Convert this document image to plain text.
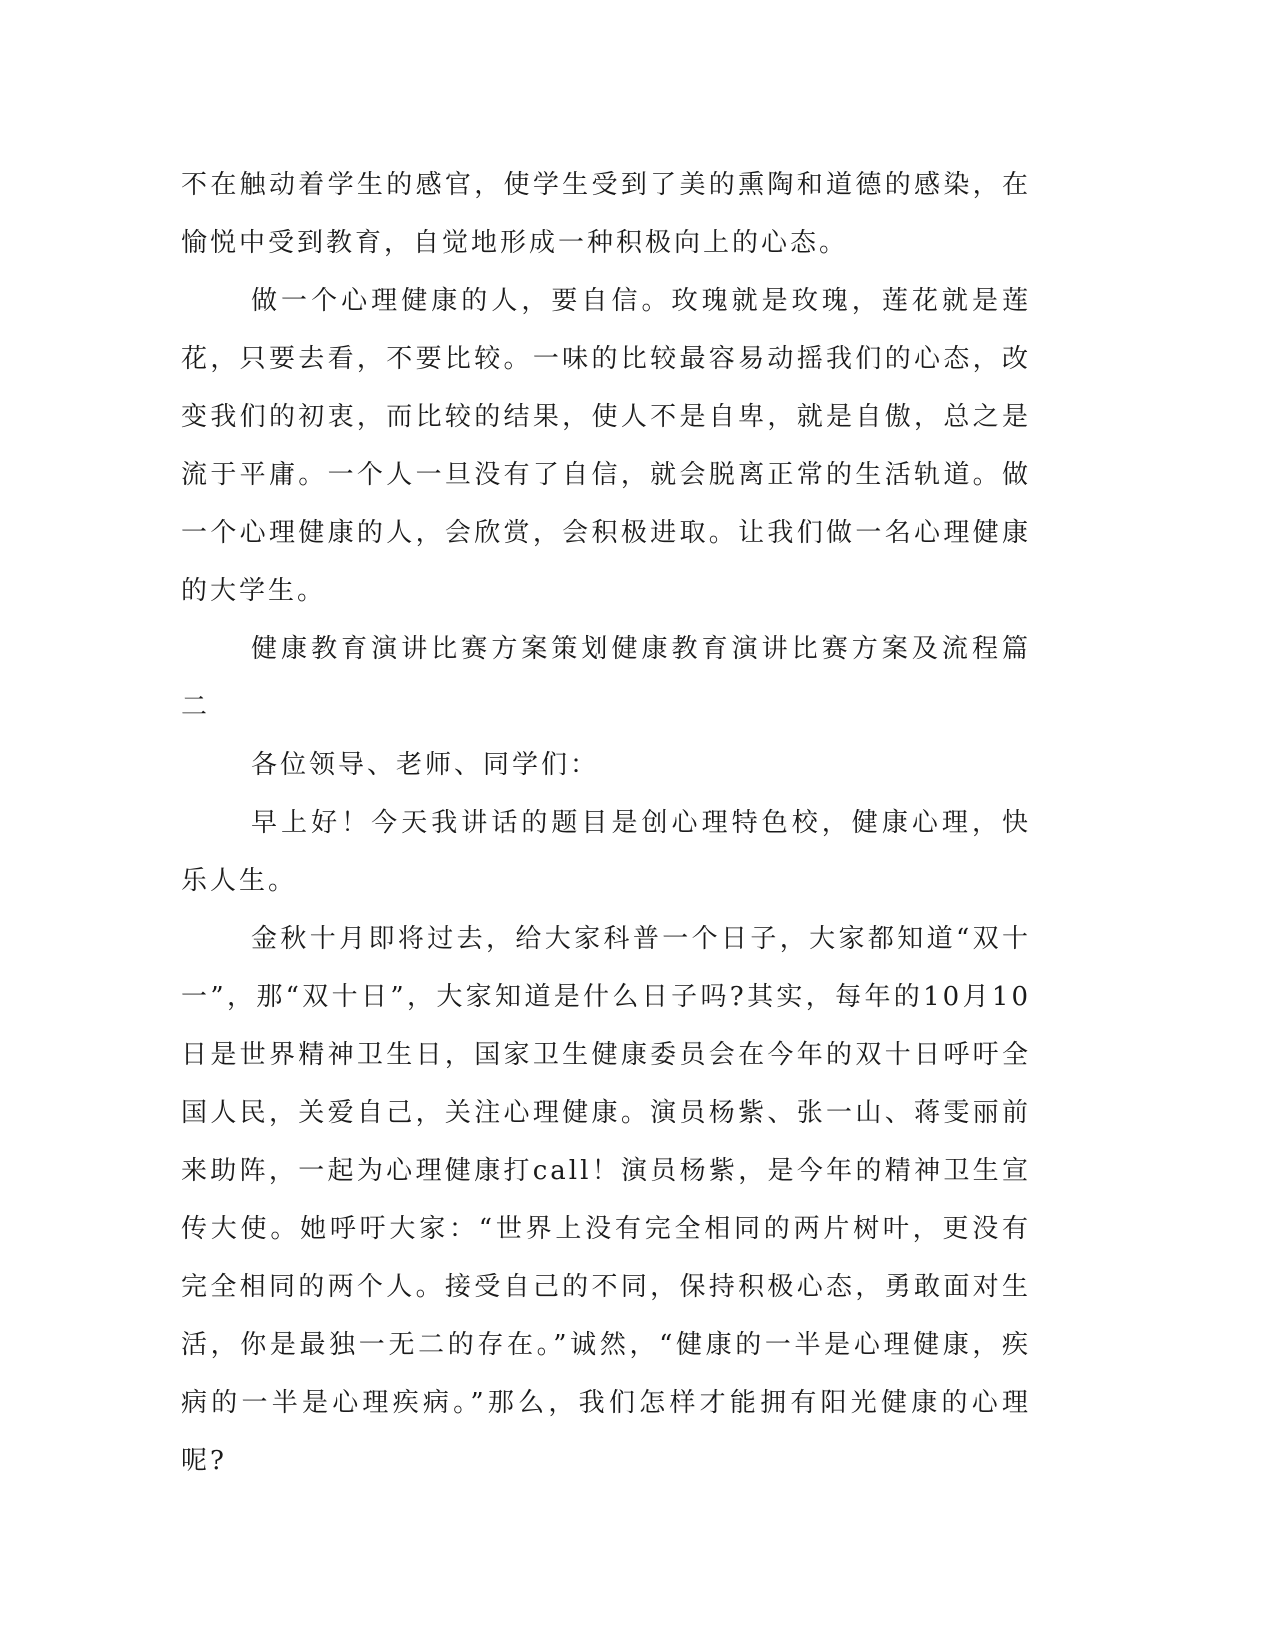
不在触动着学生的感官，使学生受到了美的熏陶和道德的感染，在愉悦中受到教育，自觉地形成一种积极向上的心态。

做一个心理健康的人，要自信。玫瑰就是玫瑰，莲花就是莲花，只要去看，不要比较。一味的比较最容易动摇我们的心态，改变我们的初衷，而比较的结果，使人不是自卑，就是自傲，总之是流于平庸。一个人一旦没有了自信，就会脱离正常的生活轨道。做一个心理健康的人，会欣赏，会积极进取。让我们做一名心理健康的大学生。

健康教育演讲比赛方案策划健康教育演讲比赛方案及流程篇二

各位领导、老师、同学们：

早上好！今天我讲话的题目是创心理特色校，健康心理，快乐人生。

金秋十月即将过去，给大家科普一个日子，大家都知道“双十一”，那“双十日”，大家知道是什么日子吗?其实，每年的10月10日是世界精神卫生日，国家卫生健康委员会在今年的双十日呼吁全国人民，关爱自己，关注心理健康。演员杨紫、张一山、蒋雯丽前来助阵，一起为心理健康打call！演员杨紫，是今年的精神卫生宣传大使。她呼吁大家：“世界上没有完全相同的两片树叶，更没有完全相同的两个人。接受自己的不同，保持积极心态，勇敢面对生活，你是最独一无二的存在。”诚然，“健康的一半是心理健康，疾病的一半是心理疾病。”那么，我们怎样才能拥有阳光健康的心理呢?
